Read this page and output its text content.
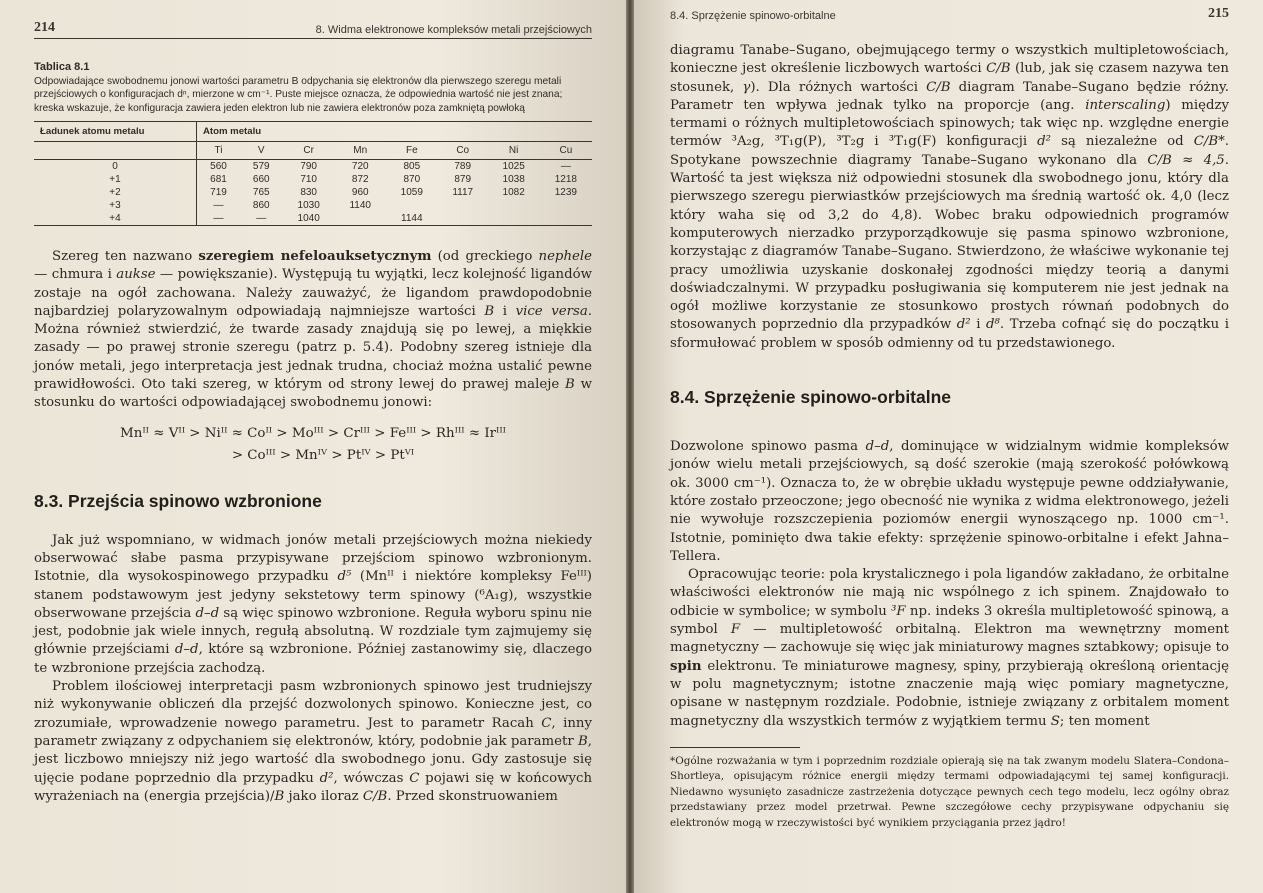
214	8. Widma elektronowe kompleksów metali przejściowych
Tablica 8.1
Odpowiadające swobodnemu jonowi wartości parametru B odpychania się elektronów dla pierwszego szeregu metali przejściowych o konfiguracjach dⁿ, mierzone w cm⁻¹. Puste miejsce oznacza, że odpowiednia wartość nie jest znana; kreska wskazuje, że konfiguracja zawiera jeden elektron lub nie zawiera elektronów poza zamkniętą powłoką
Ładunek atomu metalu	Atom metalu							
	Ti	V	Cr	Mn	Fe	Co	Ni	Cu
0	560	579	790	720	805	789	1025	—
+1	681	660	710	872	870	879	1038	1218
+2	719	765	830	960	1059	1117	1082	1239
+3	—	860	1030	1140				
+4	—	—	1040		1144			

Szereg ten nazwano szeregiem nefeloauksetycznym (od greckiego nephele — chmura i aukse — powiększanie). Występują tu wyjątki, lecz kolejność ligandów zostaje na ogół zachowana. Należy zauważyć, że ligandom prawdopodobnie najbardziej polaryzowalnym odpowiadają najmniejsze wartości B i vice versa. Można również stwierdzić, że twarde zasady znajdują się po lewej, a miękkie zasady — po prawej stronie szeregu (patrz p. 5.4). Podobny szereg istnieje dla jonów metali, jego interpretacja jest jednak trudna, chociaż można ustalić pewne prawidłowości. Oto taki szereg, w którym od strony lewej do prawej maleje B w stosunku do wartości odpowiadającej swobodnemu jonowi:

Mnᴵᴵ ≈ Vᴵᴵ > Niᴵᴵ ≈ Coᴵᴵ > Moᴵᴵᴵ > Crᴵᴵᴵ > Feᴵᴵᴵ > Rhᴵᴵᴵ ≈ Irᴵᴵᴵ
> Coᴵᴵᴵ > Mnᴵⱽ > Ptᴵⱽ > Ptⱽᴵ
8.3. Przejścia spinowo wzbronione

Jak już wspomniano, w widmach jonów metali przejściowych można niekiedy obserwować słabe pasma przypisywane przejściom spinowo wzbronionym. Istotnie, dla wysokospinowego przypadku d⁵ (Mnᴵᴵ i niektóre kompleksy Feᴵᴵᴵ) stanem podstawowym jest jedyny sekstetowy term spinowy (⁶A₁g), wszystkie obserwowane przejścia d–d są więc spinowo wzbronione. Reguła wyboru spinu nie jest, podobnie jak wiele innych, regułą absolutną. W rozdziale tym zajmujemy się głównie przejściami d–d, które są wzbronione. Później zastanowimy się, dlaczego te wzbronione przejścia zachodzą.

Problem ilościowej interpretacji pasm wzbronionych spinowo jest trudniejszy niż wykonywanie obliczeń dla przejść dozwolonych spinowo. Konieczne jest, co zrozumiałe, wprowadzenie nowego parametru. Jest to parametr Racah C, inny parametr związany z odpychaniem się elektronów, który, podobnie jak parametr B, jest liczbowo mniejszy niż jego wartość dla swobodnego jonu. Gdy zastosuje się ujęcie podane poprzednio dla przypadku d², wówczas C pojawi się w końcowych wyrażeniach na (energia przejścia)/B jako iloraz C/B. Przed skonstruowaniem

8.4. Sprzężenie spinowo-orbitalne	215

diagramu Tanabe–Sugano, obejmującego termy o wszystkich multipletowościach, konieczne jest określenie liczbowych wartości C/B (lub, jak się czasem nazywa ten stosunek, γ). Dla różnych wartości C/B diagram Tanabe–Sugano będzie różny. Parametr ten wpływa jednak tylko na proporcje (ang. interscaling) między termami o różnych multipletowościach spinowych; tak więc np. względne energie termów ³A₂g, ³T₁g(P), ³T₂g i ³T₁g(F) konfiguracji d² są niezależne od C/B*. Spotykane powszechnie diagramy Tanabe–Sugano wykonano dla C/B ≈ 4,5. Wartość ta jest większa niż odpowiedni stosunek dla swobodnego jonu, który dla pierwszego szeregu pierwiastków przejściowych ma średnią wartość ok. 4,0 (lecz który waha się od 3,2 do 4,8). Wobec braku odpowiednich programów komputerowych nierzadko przyporządkowuje się pasma spinowo wzbronione, korzystając z diagramów Tanabe–Sugano. Stwierdzono, że właściwe wykonanie tej pracy umożliwia uzyskanie doskonałej zgodności między teorią a danymi doświadczalnymi. W przypadku posługiwania się komputerem nie jest jednak na ogół możliwe korzystanie ze stosunkowo prostych równań podobnych do stosowanych poprzednio dla przypadków d² i d⁸. Trzeba cofnąć się do początku i sformułować problem w sposób odmienny od tu przedstawionego.

8.4. Sprzężenie spinowo-orbitalne

Dozwolone spinowo pasma d–d, dominujące w widzialnym widmie kompleksów jonów wielu metali przejściowych, są dość szerokie (mają szerokość połówkową ok. 3000 cm⁻¹). Oznacza to, że w obrębie układu występuje pewne oddziaływanie, które zostało przeoczone; jego obecność nie wynika z widma elektronowego, jeżeli nie wywołuje rozszczepienia poziomów energii wynoszącego np. 1000 cm⁻¹. Istotnie, pominięto dwa takie efekty: sprzężenie spinowo-orbitalne i efekt Jahna–Tellera.

Opracowując teorie: pola krystalicznego i pola ligandów zakładano, że orbitalne właściwości elektronów nie mają nic wspólnego z ich spinem. Znajdowało to odbicie w symbolice; w symbolu ³F np. indeks 3 określa multipletowość spinową, a symbol F — multipletowość orbitalną. Elektron ma wewnętrzny moment magnetyczny — zachowuje się więc jak miniaturowy magnes sztabkowy; opisuje to spin elektronu. Te miniaturowe magnesy, spiny, przybierają określoną orientację w polu magnetycznym; istotne znaczenie mają więc pomiary magnetyczne, opisane w następnym rozdziale. Podobnie, istnieje związany z orbitalem moment magnetyczny dla wszystkich termów z wyjątkiem termu S; ten moment

*Ogólne rozważania w tym i poprzednim rozdziale opierają się na tak zwanym modelu Slatera–Condona–Shortleya, opisującym różnice energii między termami odpowiadającymi tej samej konfiguracji. Niedawno wysunięto zasadnicze zastrzeżenia dotyczące pewnych cech tego modelu, lecz ogólny obraz przedstawiany przez model przetrwał. Pewne szczegółowe cechy przypisywane odpychaniu się elektronów mogą w rzeczywistości być wynikiem przyciągania przez jądro!
